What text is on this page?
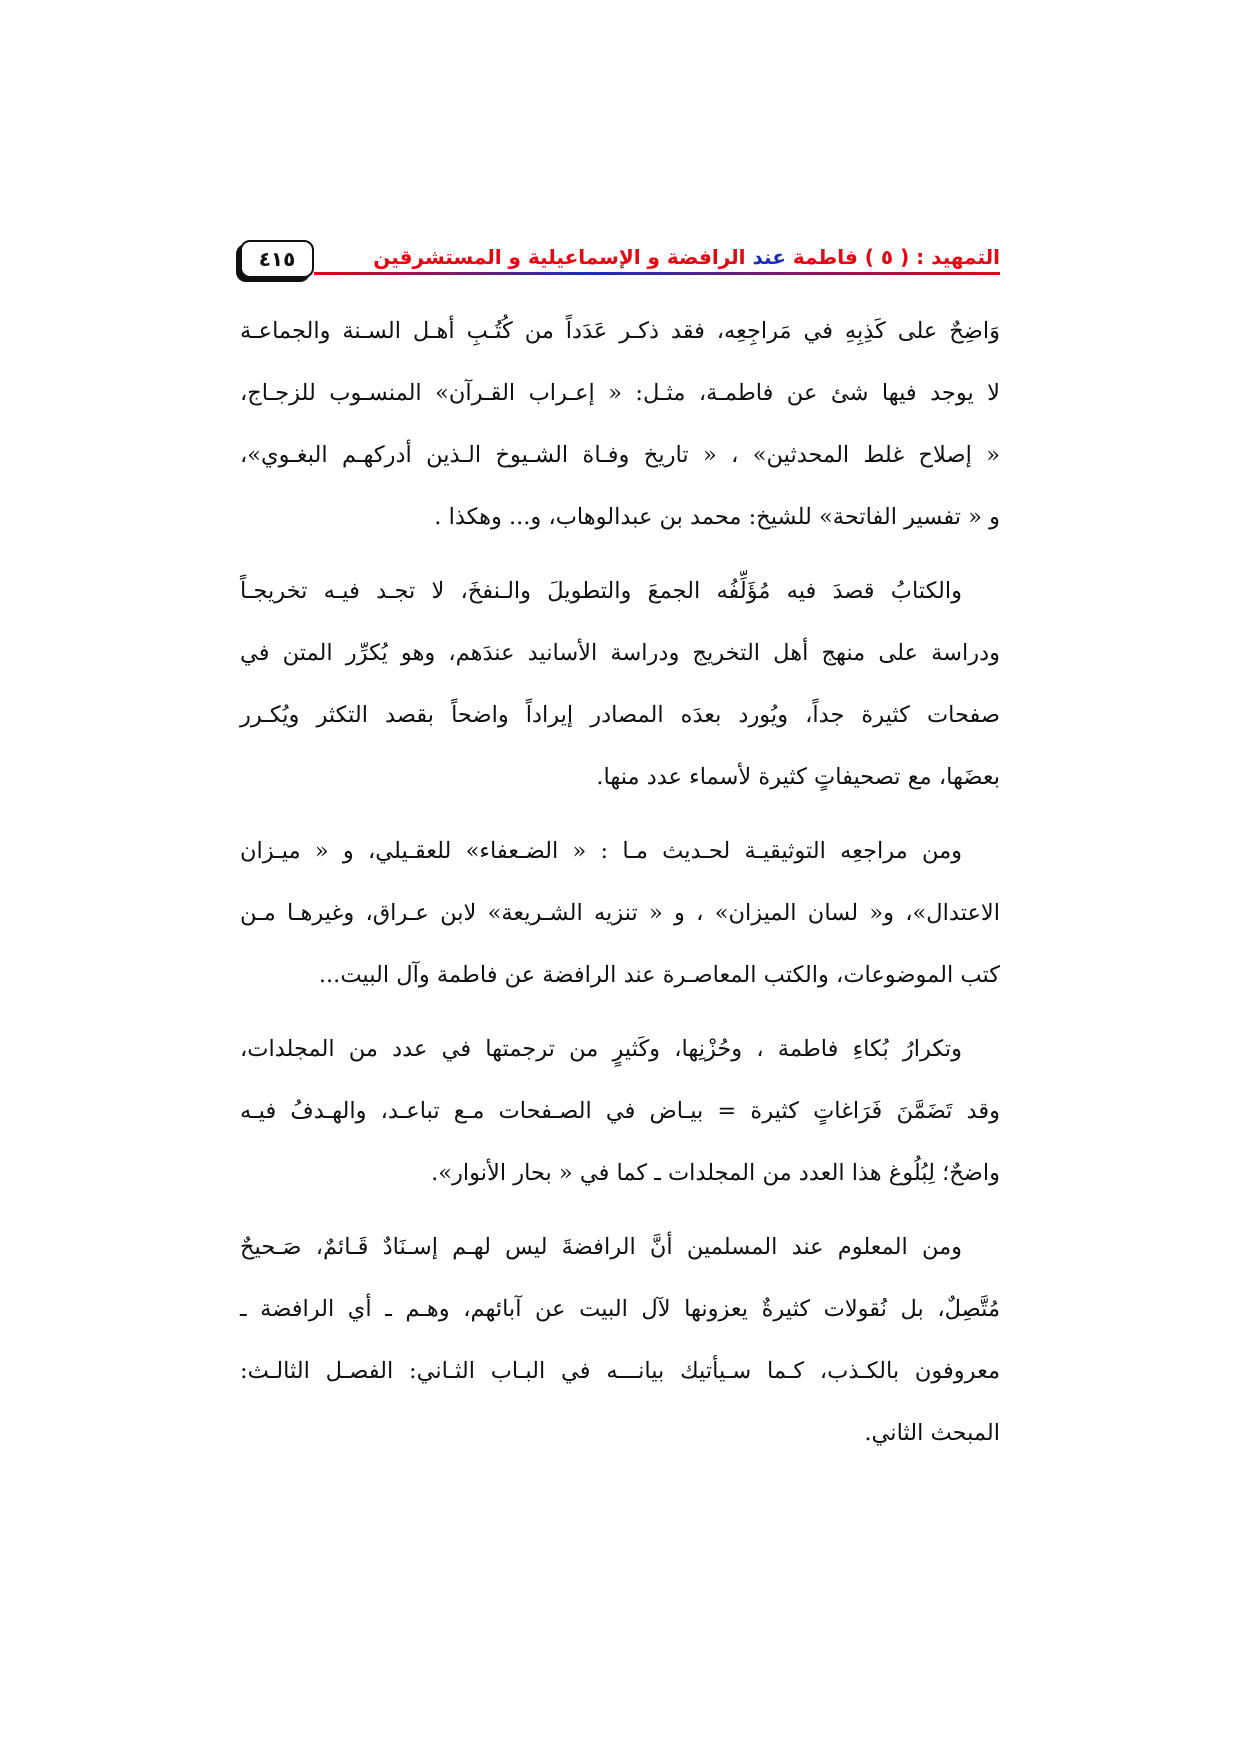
التمهيد : ( ٥ ) فاطمة عند الرافضة و الإسماعيلية و المستشرقين
٤١٥

وَاضِحٌ على كَذِبِهِ في مَراجِعِه، فقد ذكـر عَدَداً من كُتُـبِ أهـل السـنة والجماعـة
لا يوجد فيها شئ عن فاطمـة، مثـل: « إعـراب القـرآن» المنسـوب للزجـاج،
« إصلاح غلط المحدثين» ، « تاريخ وفـاة الشـيوخ الـذين أدركهـم البغـوي»،
و « تفسير الفاتحة» للشيخ: محمد بن عبدالوهاب، و... وهكذا .

والكتابُ قصدَ فيه مُؤَلِّفُه الجمعَ والتطويلَ والـنفخَ، لا تجـد فيـه تخريجـاً
ودراسة على منهج أهل التخريج ودراسة الأسانيد عندَهم، وهو يُكرِّر المتن في
صفحات كثيرة جداً، ويُورد بعدَه المصادر إيراداً واضحاً بقصد التكثر ويُكـرر
بعضَها، مع تصحيفاتٍ كثيرة لأسماء عدد منها.

ومن مراجعِه التوثيقيـة لحـديث مـا : « الضـعفاء» للعقـيلي، و « ميـزان
الاعتدال»، و« لسان الميزان» ، و « تنزيه الشـريعة» لابن عـراق، وغيرهـا مـن
كتب الموضوعات، والكتب المعاصـرة عند الرافضة عن فاطمة وآل البيت...

وتكرارُ بُكاءِ فاطمة ، وحُزْنِها، وكَثيرٍ من ترجمتها في عدد من المجلدات،
وقد تَضَمَّنَ فَرَاغاتٍ كثيرة = بيـاض في الصـفحات مـع تباعـد، والهـدفُ فيـه
واضحٌ؛ لِبُلُوغ هذا العدد من المجلدات ـ كما في « بحار الأنوار».

ومن المعلوم عند المسلمين أنَّ الرافضةَ ليس لهـم إسـنَادٌ قَـائمٌ، صَـحيحٌ
مُتَّصِلٌ، بل نُقولات كثيرةٌ يعزونها لآل البيت عن آبائهم، وهـم ـ أي الرافضة ـ
معروفون بالكـذب، كـما سـيأتيك بيانـــه في البـاب الثـاني: الفصـل الثالـث:
المبحث الثاني.
